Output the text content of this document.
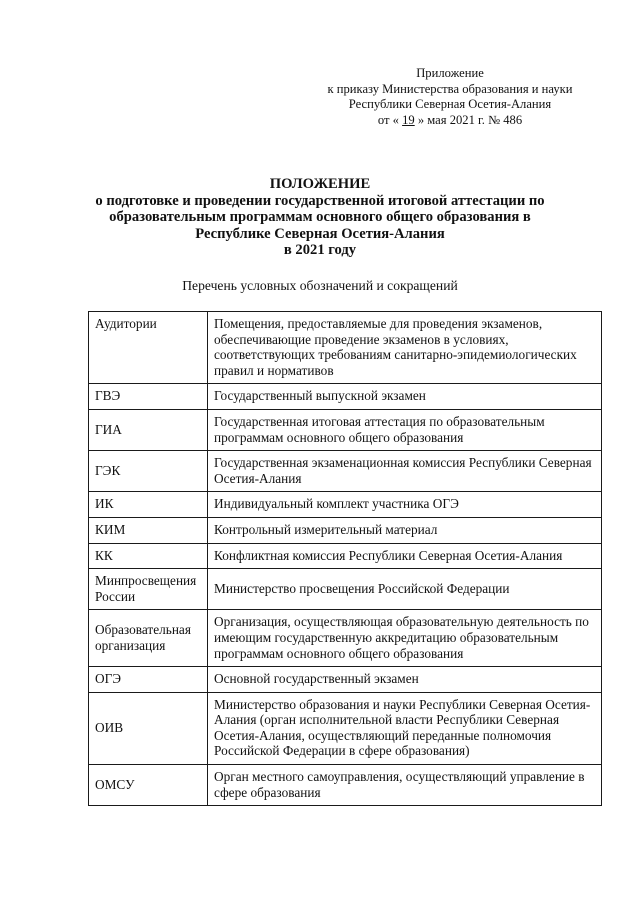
Приложение
к приказу Министерства образования и науки
Республики Северная Осетия-Алания
от « 19 » мая 2021 г. № 486
ПОЛОЖЕНИЕ
о подготовке и проведении государственной итоговой аттестации по
образовательным программам основного общего образования в
Республике Северная Осетия-Алания
в 2021 году
Перечень условных обозначений и сокращений
Аудитории	Помещения, предоставляемые для проведения экзаменов, обеспечивающие проведение экзаменов в условиях, соответствующих требованиям санитарно-эпидемиологических правил и нормативов
ГВЭ	Государственный выпускной экзамен
ГИА	Государственная итоговая аттестация по образовательным программам основного общего образования
ГЭК	Государственная экзаменационная комиссия Республики Северная Осетия-Алания
ИК	Индивидуальный комплект участника ОГЭ
КИМ	Контрольный измерительный материал
КК	Конфликтная комиссия Республики Северная Осетия-Алания
Минпросвещения России	Министерство просвещения Российской Федерации
Образовательная организация	Организация, осуществляющая образовательную деятельность по имеющим государственную аккредитацию образовательным программам основного общего образования
ОГЭ	Основной государственный экзамен
ОИВ	Министерство образования и науки Республики Северная Осетия-Алания (орган исполнительной власти Республики Северная Осетия-Алания, осуществляющий переданные полномочия Российской Федерации в сфере образования)
ОМСУ	Орган местного самоуправления, осуществляющий управление в сфере образования
